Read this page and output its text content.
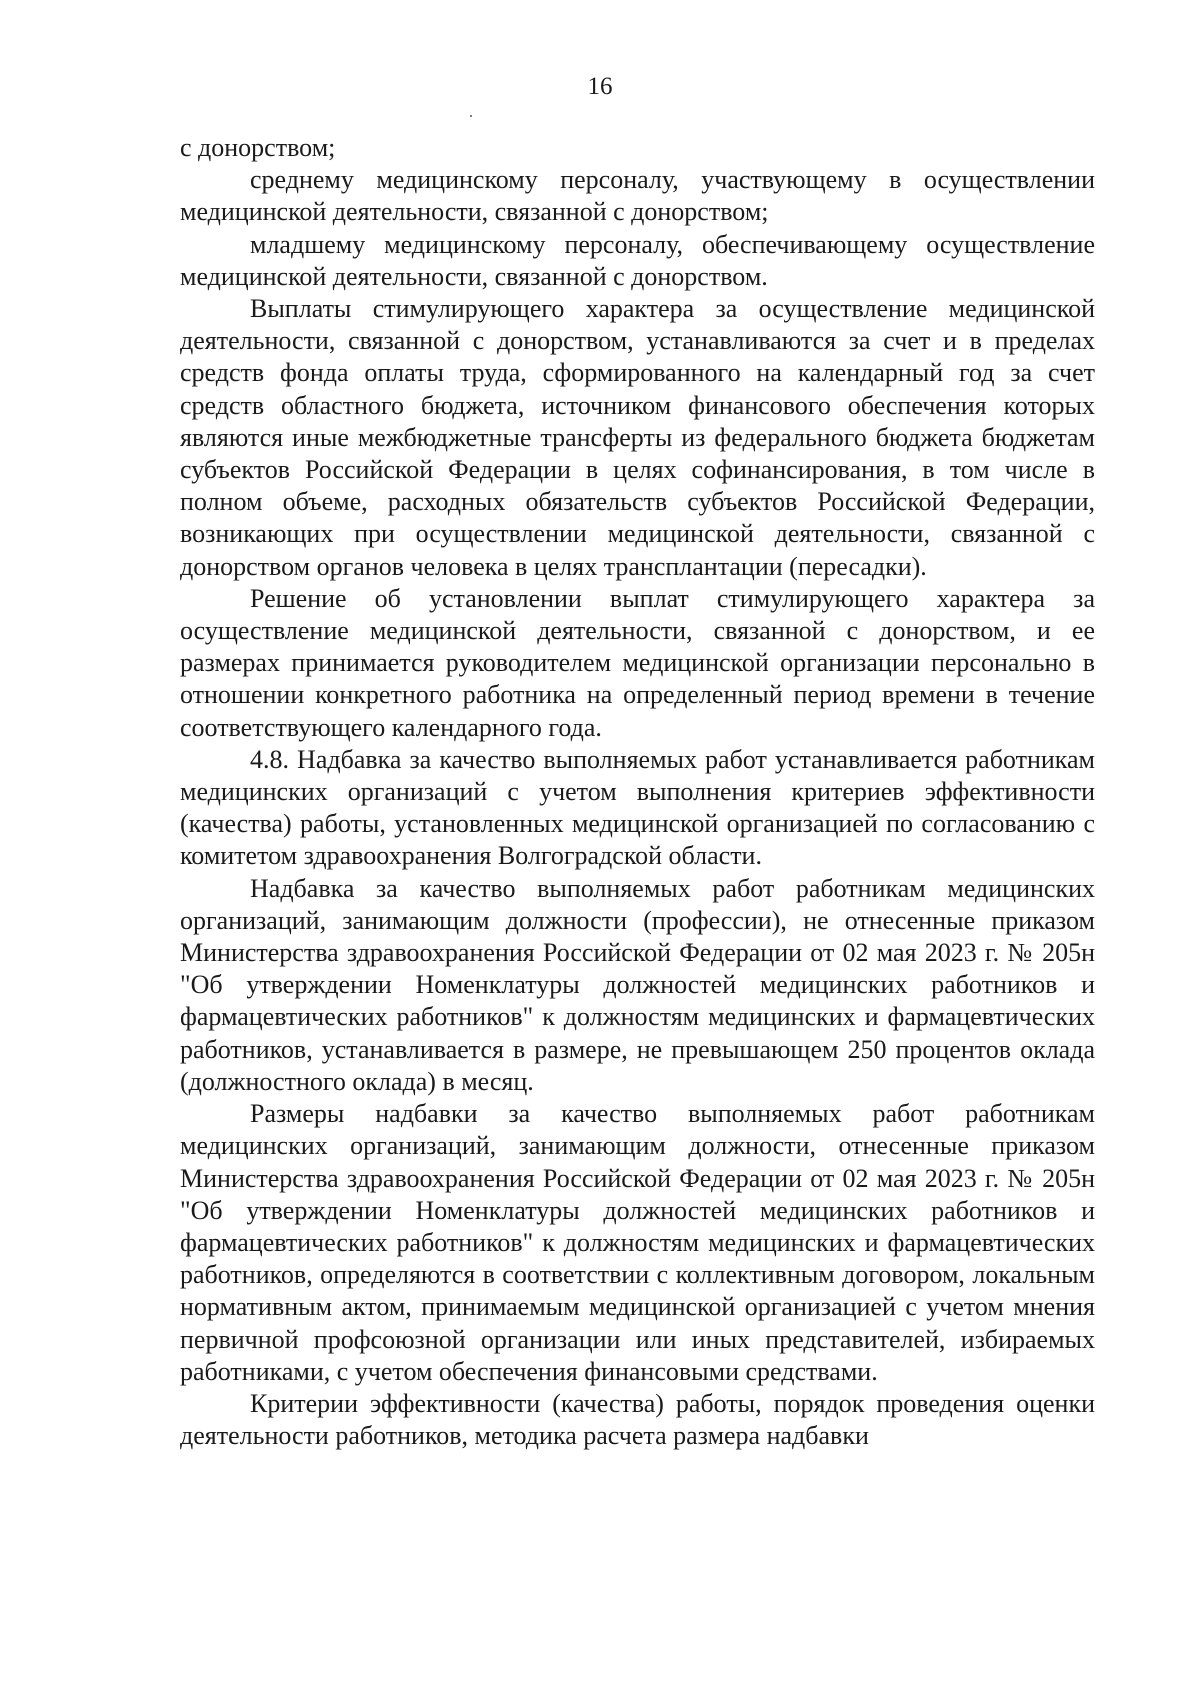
16

с донорством;

среднему медицинскому персоналу, участвующему в осуществлении медицинской деятельности, связанной с донорством;

младшему медицинскому персоналу, обеспечивающему осуществление медицинской деятельности, связанной с донорством.

Выплаты стимулирующего характера за осуществление медицинской деятельности, связанной с донорством, устанавливаются за счет и в пределах средств фонда оплаты труда, сформированного на календарный год за счет средств областного бюджета, источником финансового обеспечения которых являются иные межбюджетные трансферты из федерального бюджета бюджетам субъектов Российской Федерации в целях софинансирования, в том числе в полном объеме, расходных обязательств субъектов Российской Федерации, возникающих при осуществлении медицинской деятельности, связанной с донорством органов человека в целях трансплантации (пересадки).

Решение об установлении выплат стимулирующего характера за осуществление медицинской деятельности, связанной с донорством, и ее размерах принимается руководителем медицинской организации персонально в отношении конкретного работника на определенный период времени в течение соответствующего календарного года.

4.8. Надбавка за качество выполняемых работ устанавливается работникам медицинских организаций с учетом выполнения критериев эффективности (качества) работы, установленных медицинской организацией по согласованию с комитетом здравоохранения Волгоградской области.

Надбавка за качество выполняемых работ работникам медицинских организаций, занимающим должности (профессии), не отнесенные приказом Министерства здравоохранения Российской Федерации от 02 мая 2023 г. № 205н "Об утверждении Номенклатуры должностей медицинских работников и фармацевтических работников" к должностям медицинских и фармацевтических работников, устанавливается в размере, не превышающем 250 процентов оклада (должностного оклада) в месяц.

Размеры надбавки за качество выполняемых работ работникам медицинских организаций, занимающим должности, отнесенные приказом Министерства здравоохранения Российской Федерации от 02 мая 2023 г. № 205н "Об утверждении Номенклатуры должностей медицинских работников и фармацевтических работников" к должностям медицинских и фармацевтических работников, определяются в соответствии с коллективным договором, локальным нормативным актом, принимаемым медицинской организацией с учетом мнения первичной профсоюзной организации или иных представителей, избираемых работниками, с учетом обеспечения финансовыми средствами.

Критерии эффективности (качества) работы, порядок проведения оценки деятельности работников, методика расчета размера надбавки
